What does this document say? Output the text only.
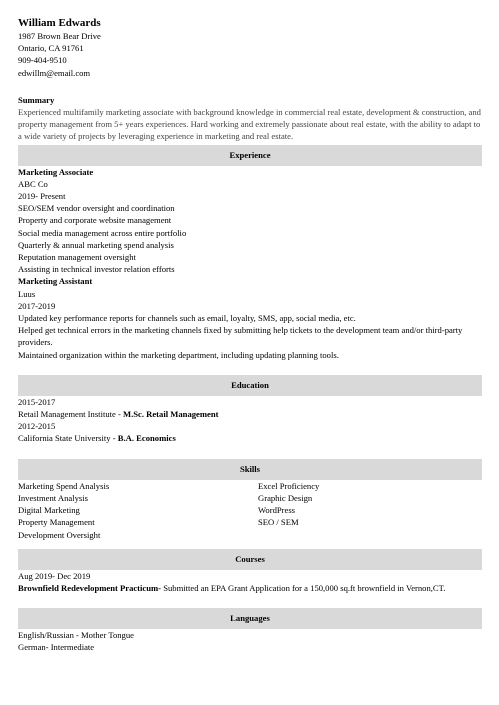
William Edwards
1987 Brown Bear Drive
Ontario, CA 91761
909-404-9510
edwillm@email.com
Summary
Experienced multifamily marketing associate with background knowledge in commercial real estate, development & construction, and property management from 5+ years experiences. Hard working and extremely passionate about real estate, with the ability to adapt to a wide variety of projects by leveraging experience in marketing and real estate.
Experience
Marketing Associate
ABC Co
2019- Present
SEO/SEM vendor oversight and coordination
Property and corporate website management
Social media management across entire portfolio
Quarterly & annual marketing spend analysis
Reputation management oversight
Assisting in technical investor relation efforts
Marketing Assistant
Luus
2017-2019
Updated key performance reports for channels such as email, loyalty, SMS, app, social media, etc.
Helped get technical errors in the marketing channels fixed by submitting help tickets to the development team and/or third-party providers.
Maintained organization within the marketing department, including updating planning tools.
Education
2015-2017
Retail Management Institute - M.Sc. Retail Management
2012-2015
California State University - B.A. Economics
Skills
Marketing Spend Analysis
Investment Analysis
Digital Marketing
Property Management
Development Oversight
Excel Proficiency
Graphic Design
WordPress
SEO / SEM
Courses
Aug 2019- Dec 2019
Brownfield Redevelopment Practicum- Submitted an EPA Grant Application for a 150,000 sq.ft brownfield in Vernon,CT.
Languages
English/Russian - Mother Tongue
German- Intermediate
